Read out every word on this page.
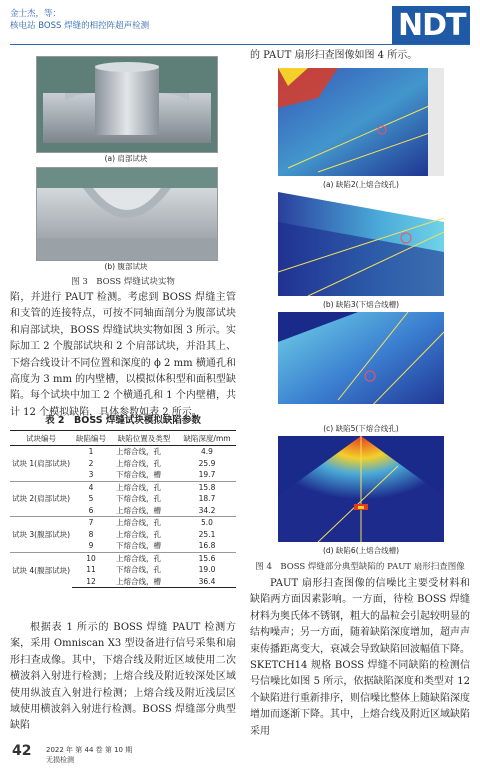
金士杰，等：
核电站 BOSS 焊缝的相控阵超声检测	NDT
(a) 肩部试块
(b) 腹部试块
图 3　BOSS 焊缝试块实物

陷，并进行 PAUT 检测。考虑到 BOSS 焊缝主管和支管的连接特点，可按不同轴面剖分为腹部试块和肩部试块，BOSS 焊缝试块实物如图 3 所示。实际加工 2 个腹部试块和 2 个肩部试块，并沿其上、下熔合线设计不同位置和深度的 ϕ 2 mm 横通孔和高度为 3 mm 的内壁槽，以模拟体积型和面积型缺陷。每个试块中加工 2 个横通孔和 1 个内壁槽，共计 12 个模拟缺陷，具体参数如表 2 所示。

表 2　BOSS 焊缝试块模拟缺陷参数
试块编号	缺陷编号	缺陷位置及类型	缺陷深度/mm
试块 1(肩部试块)	1	上熔合线，孔	4.9
	2	上熔合线，孔	25.9
	3	下熔合线，槽	19.7
试块 2(肩部试块)	4	上熔合线，孔	15.8
	5	下熔合线，孔	18.7
	6	上熔合线，槽	34.2
试块 3(腹部试块)	7	上熔合线，孔	5.0
	8	上熔合线，孔	25.1
	9	下熔合线，槽	16.8
试块 4(腹部试块)	10	上熔合线，孔	15.6
	11	下熔合线，孔	19.0
	12	上熔合线，槽	36.4

根据表 1 所示的 BOSS 焊缝 PAUT 检测方案，采用 Omniscan X3 型设备进行信号采集和扇形扫查成像。其中，下熔合线及附近区域使用二次横波斜入射进行检测；上熔合线及附近较深处区域使用纵波直入射进行检测；上熔合线及附近浅层区域使用横波斜入射进行检测。BOSS 焊缝部分典型缺陷

的 PAUT 扇形扫查图像如图 4 所示。

(a) 缺陷2(上熔合线孔)
(b) 缺陷3(下熔合线槽)
(c) 缺陷5(下熔合线孔)
(d) 缺陷6(上熔合线槽)
图 4　BOSS 焊缝部分典型缺陷的 PAUT 扇形扫查图像

PAUT 扇形扫查图像的信噪比主要受材料和缺陷两方面因素影响。一方面，待检 BOSS 焊缝材料为奥氏体不锈钢，粗大的晶粒会引起较明显的结构噪声；另一方面，随着缺陷深度增加，超声声束传播距离变大，衰减会导致缺陷回波幅值下降。SKETCH14 规格 BOSS 焊缝不同缺陷的检测信号信噪比如图 5 所示，依据缺陷深度和类型对 12 个缺陷进行重新排序，则信噪比整体上随缺陷深度增加而逐渐下降。其中，上熔合线及附近区域缺陷采用

42 2022 年 第 44 卷 第 10 期
无损检测
